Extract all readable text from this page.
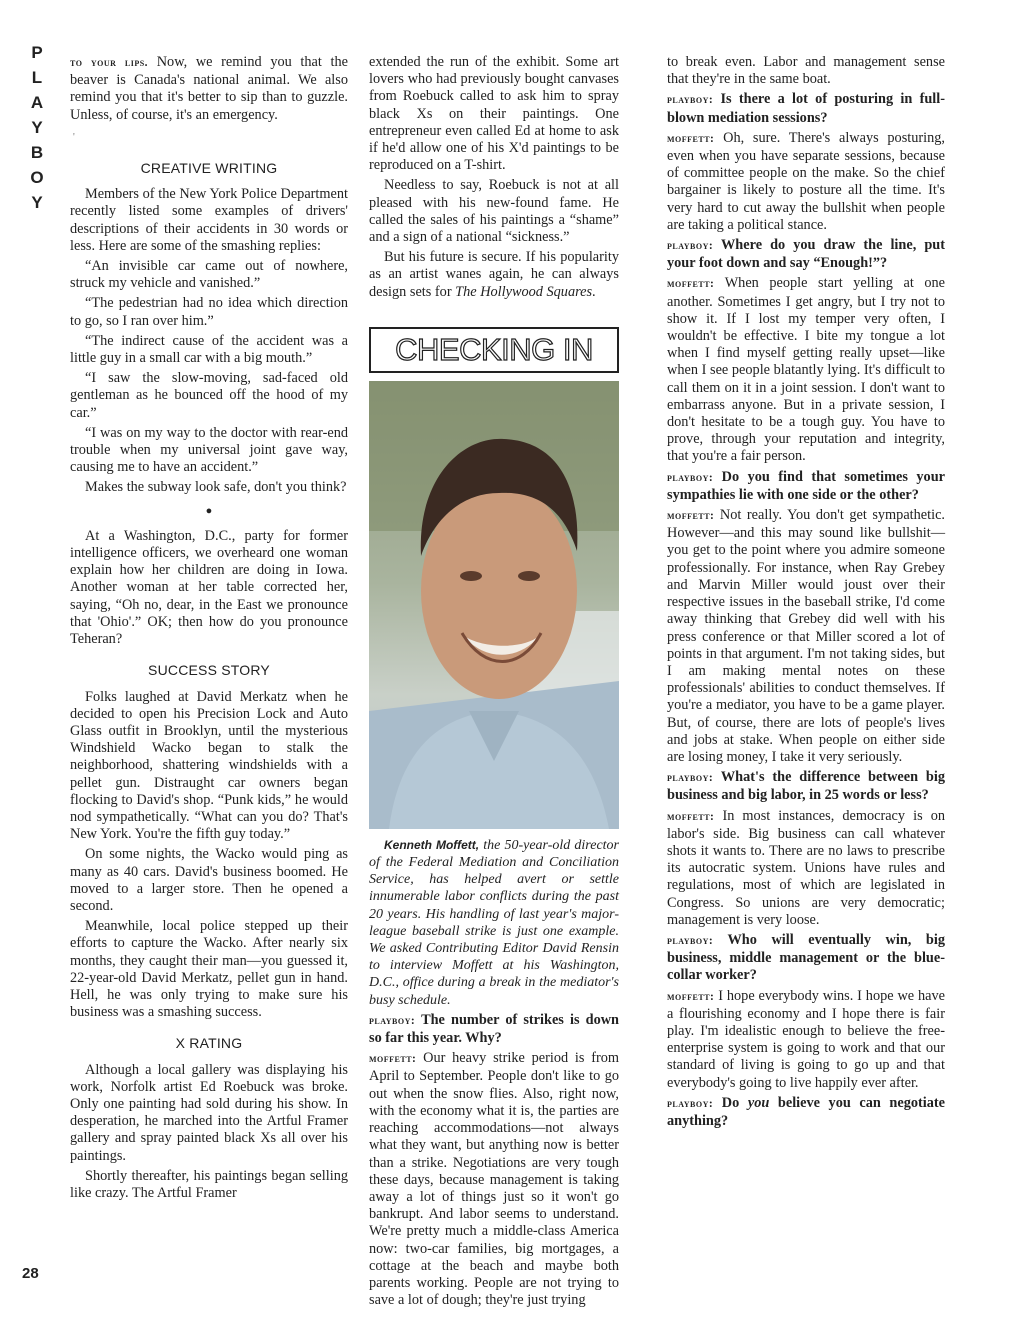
P
L
A
Y
B
O
Y
28

to your lips. Now, we remind you that the beaver is Canada's national animal. We also remind you that it's better to sip than to guzzle. Unless, of course, it's an emergency.

'
CREATIVE WRITING

Members of the New York Police Department recently listed some examples of drivers' descriptions of their accidents in 30 words or less. Here are some of the smashing replies:

“An invisible car came out of nowhere, struck my vehicle and vanished.”

“The pedestrian had no idea which direction to go, so I ran over him.”

“The indirect cause of the accident was a little guy in a small car with a big mouth.”

“I saw the slow-moving, sad-faced old gentleman as he bounced off the hood of my car.”

“I was on my way to the doctor with rear-end trouble when my universal joint gave way, causing me to have an accident.”

Makes the subway look safe, don't you think?

●

At a Washington, D.C., party for former intelligence officers, we overheard one woman explain how her children are doing in Iowa. Another woman at her table corrected her, saying, “Oh no, dear, in the East we pronounce that 'Ohio'.” OK; then how do you pronounce Teheran?

SUCCESS STORY

Folks laughed at David Merkatz when he decided to open his Precision Lock and Auto Glass outfit in Brooklyn, until the mysterious Windshield Wacko began to stalk the neighborhood, shattering windshields with a pellet gun. Distraught car owners began flocking to David's shop. “Punk kids,” he would nod sympathetically. “What can you do? That's New York. You're the fifth guy today.”

On some nights, the Wacko would ping as many as 40 cars. David's business boomed. He moved to a larger store. Then he opened a second.

Meanwhile, local police stepped up their efforts to capture the Wacko. After nearly six months, they caught their man—you guessed it, 22-year-old David Merkatz, pellet gun in hand. Hell, he was only trying to make sure his business was a smashing success.

X RATING

Although a local gallery was displaying his work, Norfolk artist Ed Roebuck was broke. Only one painting had sold during his show. In desperation, he marched into the Artful Framer gallery and spray painted black Xs all over his paintings.

Shortly thereafter, his paintings began selling like crazy. The Artful Framer

extended the run of the exhibit. Some art lovers who had previously bought canvases from Roebuck called to ask him to spray black Xs on their paintings. One entrepreneur even called Ed at home to ask if he'd allow one of his X'd paintings to be reproduced on a T-shirt.

Needless to say, Roebuck is not at all pleased with his new-found fame. He called the sales of his paintings a “shame” and a sign of a national “sickness.”

But his future is secure. If his popularity as an artist wanes again, he can always design sets for The Hollywood Squares.

CHECKING IN

Kenneth Moffett, the 50-year-old director of the Federal Mediation and Conciliation Service, has helped avert or settle innumerable labor conflicts during the past 20 years. His handling of last year's major-league baseball strike is just one example. We asked Contributing Editor David Rensin to interview Moffett at his Washington, D.C., office during a break in the mediator's busy schedule.

playboy: The number of strikes is down so far this year. Why?

moffett: Our heavy strike period is from April to September. People don't like to go out when the snow flies. Also, right now, with the economy what it is, the parties are reaching accommodations—not always what they want, but anything now is better than a strike. Negotiations are very tough these days, because management is taking away a lot of things just so it won't go bankrupt. And labor seems to understand. We're pretty much a middle-class America now: two-car families, big mortgages, a cottage at the beach and maybe both parents working. People are not trying to save a lot of dough; they're just trying

to break even. Labor and management sense that they're in the same boat.

playboy: Is there a lot of posturing in full-blown mediation sessions?

moffett: Oh, sure. There's always posturing, even when you have separate sessions, because of committee people on the make. So the chief bargainer is likely to posture all the time. It's very hard to cut away the bullshit when people are taking a political stance.

playboy: Where do you draw the line, put your foot down and say “Enough!”?

moffett: When people start yelling at one another. Sometimes I get angry, but I try not to show it. If I lost my temper very often, I wouldn't be effective. I bite my tongue a lot when I find myself getting really upset—like when I see people blatantly lying. It's difficult to call them on it in a joint session. I don't want to embarrass anyone. But in a private session, I don't hesitate to be a tough guy. You have to prove, through your reputation and integrity, that you're a fair person.

playboy: Do you find that sometimes your sympathies lie with one side or the other?

moffett: Not really. You don't get sympathetic. However—and this may sound like bullshit—you get to the point where you admire someone professionally. For instance, when Ray Grebey and Marvin Miller would joust over their respective issues in the baseball strike, I'd come away thinking that Grebey did well with his press conference or that Miller scored a lot of points in that argument. I'm not taking sides, but I am making mental notes on these professionals' abilities to conduct themselves. If you're a mediator, you have to be a game player. But, of course, there are lots of people's lives and jobs at stake. When people on either side are losing money, I take it very seriously.

playboy: What's the difference between big business and big labor, in 25 words or less?

moffett: In most instances, democracy is on labor's side. Big business can call whatever shots it wants to. There are no laws to prescribe its autocratic system. Unions have rules and regulations, most of which are legislated in Congress. So unions are very democratic; management is very loose.

playboy: Who will eventually win, big business, middle management or the blue-collar worker?

moffett: I hope everybody wins. I hope we have a flourishing economy and I hope there is fair play. I'm idealistic enough to believe the free-enterprise system is going to work and that our standard of living is going to go up and that everybody's going to live happily ever after.

playboy: Do you believe you can negotiate anything?
